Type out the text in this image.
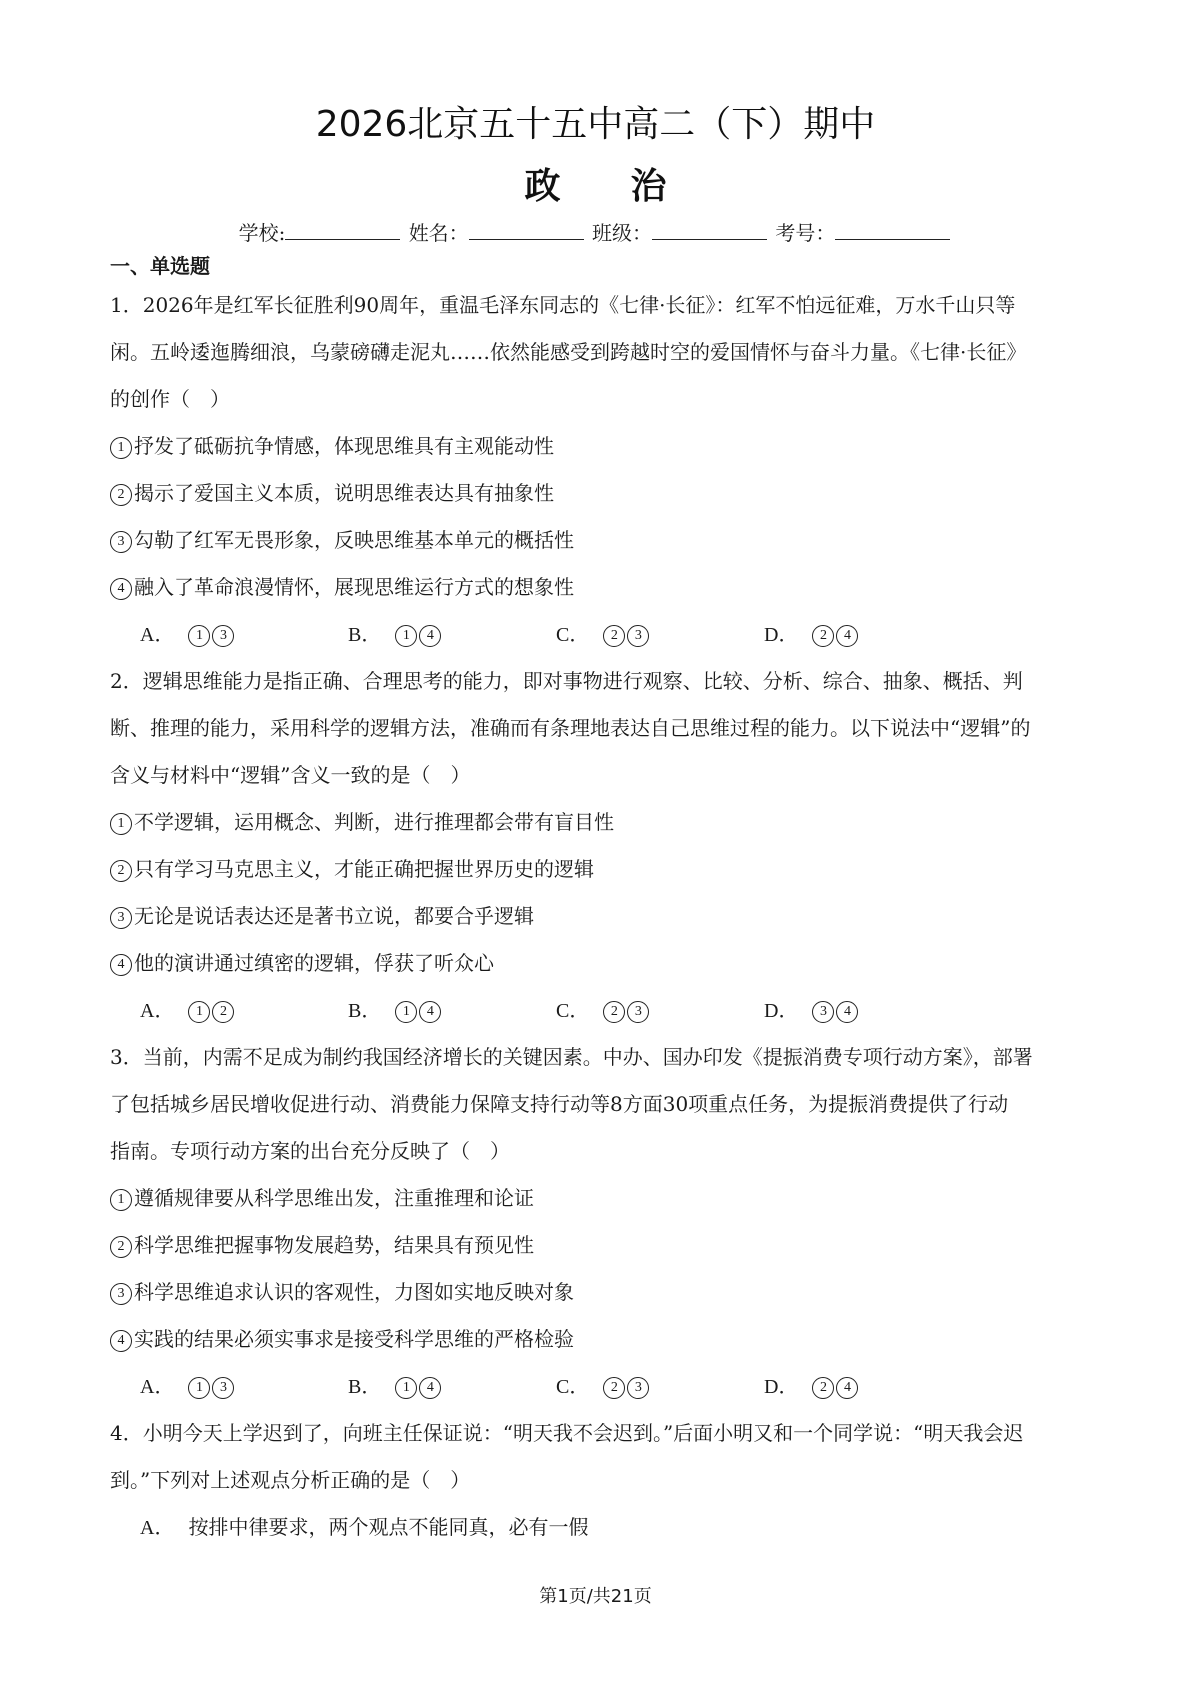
2026北京五十五中高二（下）期中
政治
学校:	姓名：	班级：	考号：
一、单选题
1．2026年是红军长征胜利90周年，重温毛泽东同志的《七律·长征》：红军不怕远征难，万水千山只等
闲。五岭逶迤腾细浪，乌蒙磅礴走泥丸……依然能感受到跨越时空的爱国情怀与奋斗力量。《七律·长征》
的创作（　）
1 抒发了砥砺抗争情感，体现思维具有主观能动性
2 揭示了爱国主义本质，说明思维表达具有抽象性
3 勾勒了红军无畏形象，反映思维基本单元的概括性
4 融入了革命浪漫情怀，展现思维运行方式的想象性
A． 1 3	B． 1 4	C． 2 3	D． 2 4
2．逻辑思维能力是指正确、合理思考的能力，即对事物进行观察、比较、分析、综合、抽象、概括、判
断、推理的能力，采用科学的逻辑方法，准确而有条理地表达自己思维过程的能力。以下说法中“逻辑”的
含义与材料中“逻辑”含义一致的是（　）
1 不学逻辑，运用概念、判断，进行推理都会带有盲目性
2 只有学习马克思主义，才能正确把握世界历史的逻辑
3 无论是说话表达还是著书立说，都要合乎逻辑
4 他的演讲通过缜密的逻辑，俘获了听众心
A． 1 2	B． 1 4	C． 2 3	D． 3 4
3．当前，内需不足成为制约我国经济增长的关键因素。中办、国办印发《提振消费专项行动方案》，部署
了包括城乡居民增收促进行动、消费能力保障支持行动等8方面30项重点任务，为提振消费提供了行动
指南。专项行动方案的出台充分反映了（　）
1 遵循规律要从科学思维出发，注重推理和论证
2 科学思维把握事物发展趋势，结果具有预见性
3 科学思维追求认识的客观性，力图如实地反映对象
4 实践的结果必须实事求是接受科学思维的严格检验
A． 1 3	B． 1 4	C． 2 3	D． 2 4
4．小明今天上学迟到了，向班主任保证说：“明天我不会迟到。”后面小明又和一个同学说：“明天我会迟
到。”下列对上述观点分析正确的是（　）
A． 按排中律要求，两个观点不能同真，必有一假
第1页/共21页
